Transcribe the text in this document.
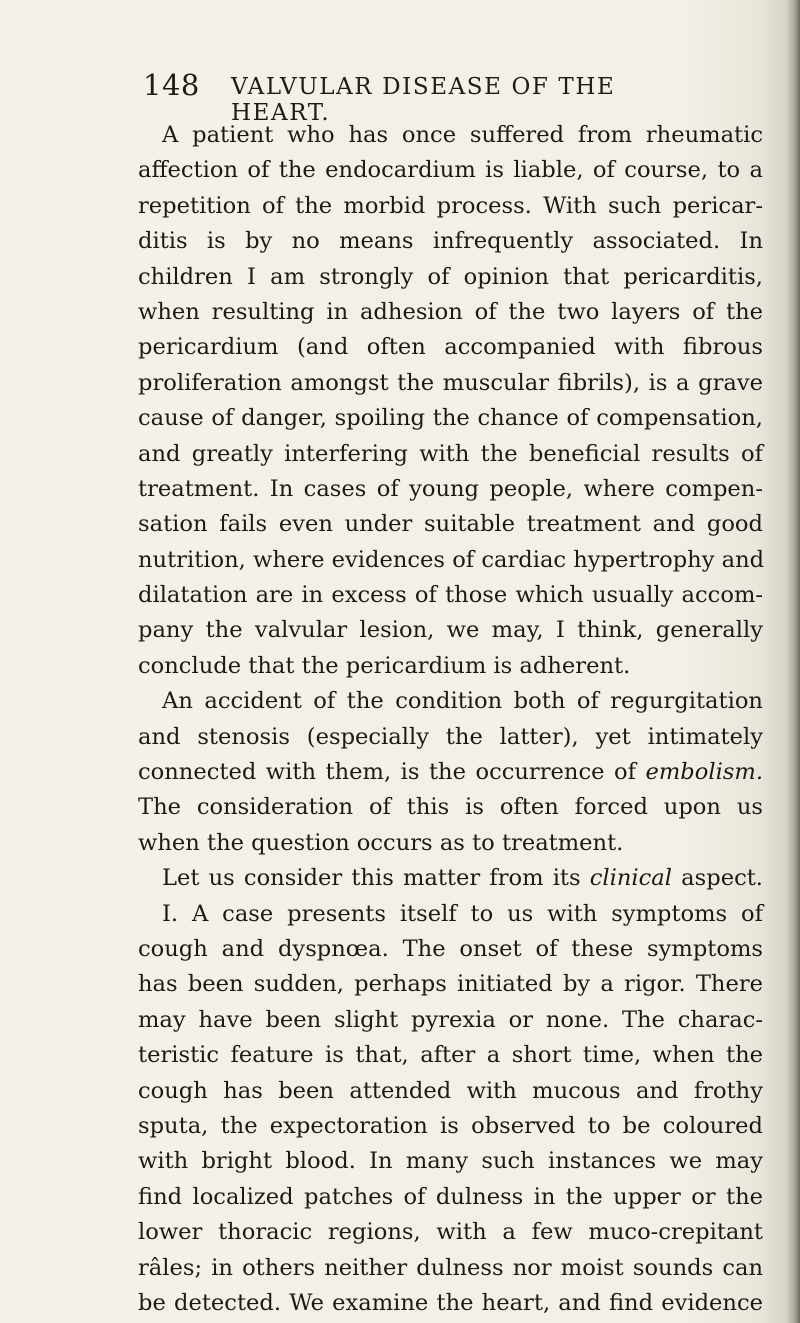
148 VALVULAR DISEASE OF THE HEART.
A patient who has once suffered from rheumatic
affection of the endocardium is liable, of course, to a
repetition of the morbid process. With such pericar-
ditis is by no means infrequently associated. In
children I am strongly of opinion that pericarditis,
when resulting in adhesion of the two layers of the
pericardium (and often accompanied with fibrous
proliferation amongst the muscular fibrils), is a grave
cause of danger, spoiling the chance of compensation,
and greatly interfering with the beneficial results of
treatment. In cases of young people, where compen-
sation fails even under suitable treatment and good
nutrition, where evidences of cardiac hypertrophy and
dilatation are in excess of those which usually accom-
pany the valvular lesion, we may, I think, generally
conclude that the pericardium is adherent.
An accident of the condition both of regurgitation
and stenosis (especially the latter), yet intimately
connected with them, is the occurrence of embolism.
The consideration of this is often forced upon us
when the question occurs as to treatment.
Let us consider this matter from its clinical aspect.
I. A case presents itself to us with symptoms of
cough and dyspnœa. The onset of these symptoms
has been sudden, perhaps initiated by a rigor. There
may have been slight pyrexia or none. The charac-
teristic feature is that, after a short time, when the
cough has been attended with mucous and frothy
sputa, the expectoration is observed to be coloured
with bright blood. In many such instances we may
find localized patches of dulness in the upper or the
lower thoracic regions, with a few muco-crepitant
râles; in others neither dulness nor moist sounds can
be detected. We examine the heart, and find evidence
